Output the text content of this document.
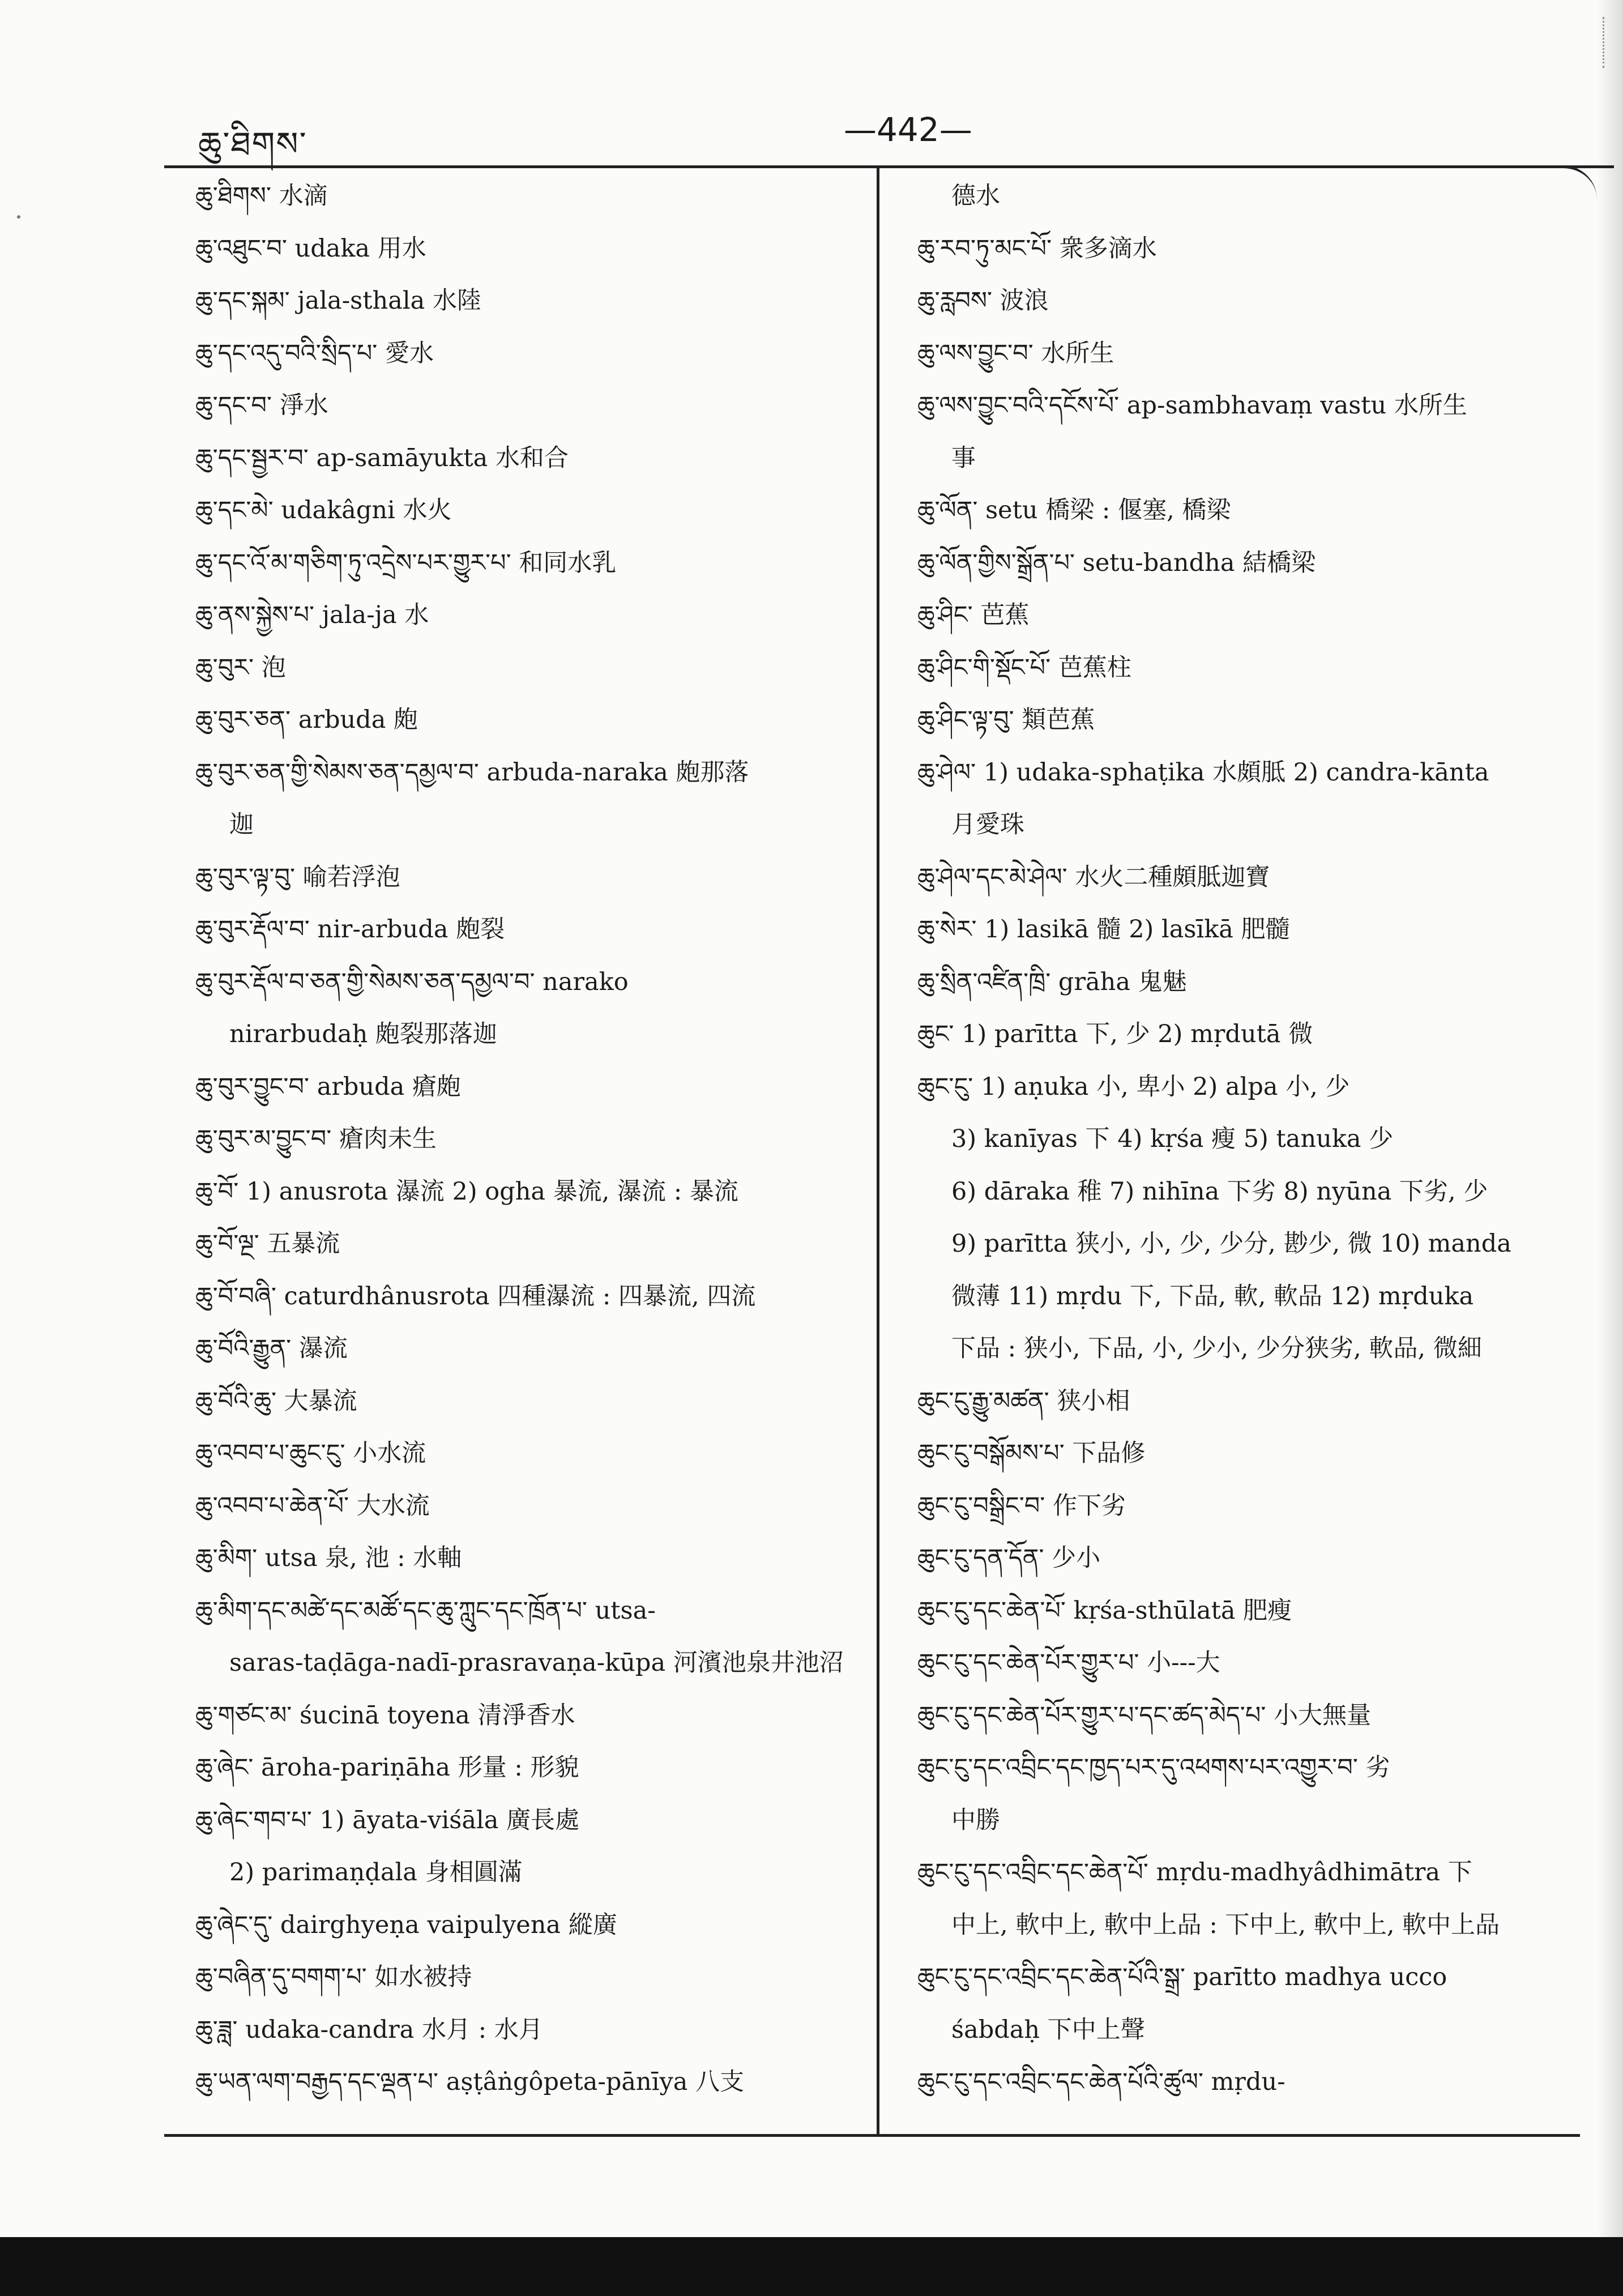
ཆུ་ཐིགས་	—442—
ཆུ་ཐིགས་ 水滴
ཆུ་འཐུང་བ་ udaka 用水
ཆུ་དང་སྐམ་ jala-sthala 水陸
ཆུ་དང་འདུ་བའི་སྲིད་པ་ 愛水
ཆུ་དང་བ་ 淨水
ཆུ་དང་སྦྱར་བ་ ap-samāyukta 水和合
ཆུ་དང་མེ་ udakâgni 水火
ཆུ་དང་འོ་མ་གཅིག་ཏུ་འདྲེས་པར་གྱུར་པ་ 和同水乳
ཆུ་ནས་སྐྱེས་པ་ jala-ja 水
ཆུ་བུར་ 泡
ཆུ་བུར་ཅན་ arbuda 皰
ཆུ་བུར་ཅན་གྱི་སེམས་ཅན་དམྱལ་བ་ arbuda-naraka 皰那落
迦
ཆུ་བུར་ལྟ་བུ་ 喻若浮泡
ཆུ་བུར་རྡོལ་བ་ nir-arbuda 皰裂
ཆུ་བུར་རྡོལ་བ་ཅན་གྱི་སེམས་ཅན་དམྱལ་བ་ narako
nirarbudaḥ 皰裂那落迦
ཆུ་བུར་བྱུང་བ་ arbuda 瘡皰
ཆུ་བུར་མ་བྱུང་བ་ 瘡肉未生
ཆུ་བོ་ 1) anusrota 瀑流 2) ogha 暴流, 瀑流 : 暴流
ཆུ་བོ་ལྔ་ 五暴流
ཆུ་བོ་བཞི་ caturdhânusrota 四種瀑流 : 四暴流, 四流
ཆུ་བོའི་རྒྱུན་ 瀑流
ཆུ་བོའི་ཆུ་ 大暴流
ཆུ་འབབ་པ་ཆུང་ངུ་ 小水流
ཆུ་འབབ་པ་ཆེན་པོ་ 大水流
ཆུ་མིག་ utsa 泉, 池 : 水軸
ཆུ་མིག་དང་མཚེ་དང་མཚོ་དང་ཆུ་ཀླུང་དང་ཁྲོན་པ་ utsa-
saras-taḍāga-nadī-prasravaṇa-kūpa 河濱池泉井池沼
ཆུ་གཙང་མ་ śucinā toyena 清淨香水
ཆུ་ཞེང་ āroha-pariṇāha 形量 : 形貌
ཆུ་ཞེང་གབ་པ་ 1) āyata-viśāla 廣長處
2) parimaṇḍala 身相圓滿
ཆུ་ཞེང་དུ་ dairghyeṇa vaipulyena 縱廣
ཆུ་བཞིན་དུ་བགག་པ་ 如水被持
ཆུ་ཟླ་ udaka-candra 水月 : 水月
ཆུ་ཡན་ལག་བརྒྱད་དང་ལྡན་པ་ aṣṭâṅgôpeta-pānīya 八支
德水
ཆུ་རབ་ཏུ་མང་པོ་ 衆多滴水
ཆུ་རླབས་ 波浪
ཆུ་ལས་བྱུང་བ་ 水所生
ཆུ་ལས་བྱུང་བའི་དངོས་པོ་ ap-sambhavaṃ vastu 水所生
事
ཆུ་ལོན་ setu 橋梁 : 偃塞, 橋梁
ཆུ་ལོན་གྱིས་སྒྲོན་པ་ setu-bandha 結橋梁
ཆུ་ཤིང་ 芭蕉
ཆུ་ཤིང་གི་སྡོང་པོ་ 芭蕉柱
ཆུ་ཤིང་ལྟ་བུ་ 類芭蕉
ཆུ་ཤེལ་ 1) udaka-sphaṭika 水頗胝 2) candra-kānta
月愛珠
ཆུ་ཤེལ་དང་མེ་ཤེལ་ 水火二種頗胝迦寶
ཆུ་སེར་ 1) lasikā 髓 2) lasīkā 肥髓
ཆུ་སྲིན་འཛིན་ཁྲི་ grāha 鬼魅
ཆུང་ 1) parītta 下, 少 2) mṛdutā 微
ཆུང་ངུ་ 1) aṇuka 小, 卑小 2) alpa 小, 少
3) kanīyas 下 4) kṛśa 瘦 5) tanuka 少
6) dāraka 稚 7) nihīna 下劣 8) nyūna 下劣, 少
9) parītta 狭小, 小, 少, 少分, 尠少, 微 10) manda
微薄 11) mṛdu 下, 下品, 軟, 軟品 12) mṛduka
下品 : 狭小, 下品, 小, 少小, 少分狭劣, 軟品, 微細
ཆུང་ངུ་རྒྱུ་མཚན་ 狭小相
ཆུང་ངུ་བསྒོམས་པ་ 下品修
ཆུང་ངུ་བསྒྲིང་བ་ 作下劣
ཆུང་ངུ་དན་དོན་ 少小
ཆུང་ངུ་དང་ཆེན་པོ་ kṛśa-sthūlatā 肥瘦
ཆུང་ངུ་དང་ཆེན་པོར་གྱུར་པ་ 小---大
ཆུང་ངུ་དང་ཆེན་པོར་གྱུར་པ་དང་ཚད་མེད་པ་ 小大無量
ཆུང་ངུ་དང་འབྲིང་དང་ཁྱད་པར་དུ་འཕགས་པར་འགྱུར་བ་ 劣
中勝
ཆུང་ངུ་དང་འབྲིང་དང་ཆེན་པོ་ mṛdu-madhyâdhimātra 下
中上, 軟中上, 軟中上品 : 下中上, 軟中上, 軟中上品
ཆུང་ངུ་དང་འབྲིང་དང་ཆེན་པོའི་སྒྲ་ parītto madhya ucco
śabdaḥ 下中上聲
ཆུང་ངུ་དང་འབྲིང་དང་ཆེན་པོའི་ཚུལ་ mṛdu-
